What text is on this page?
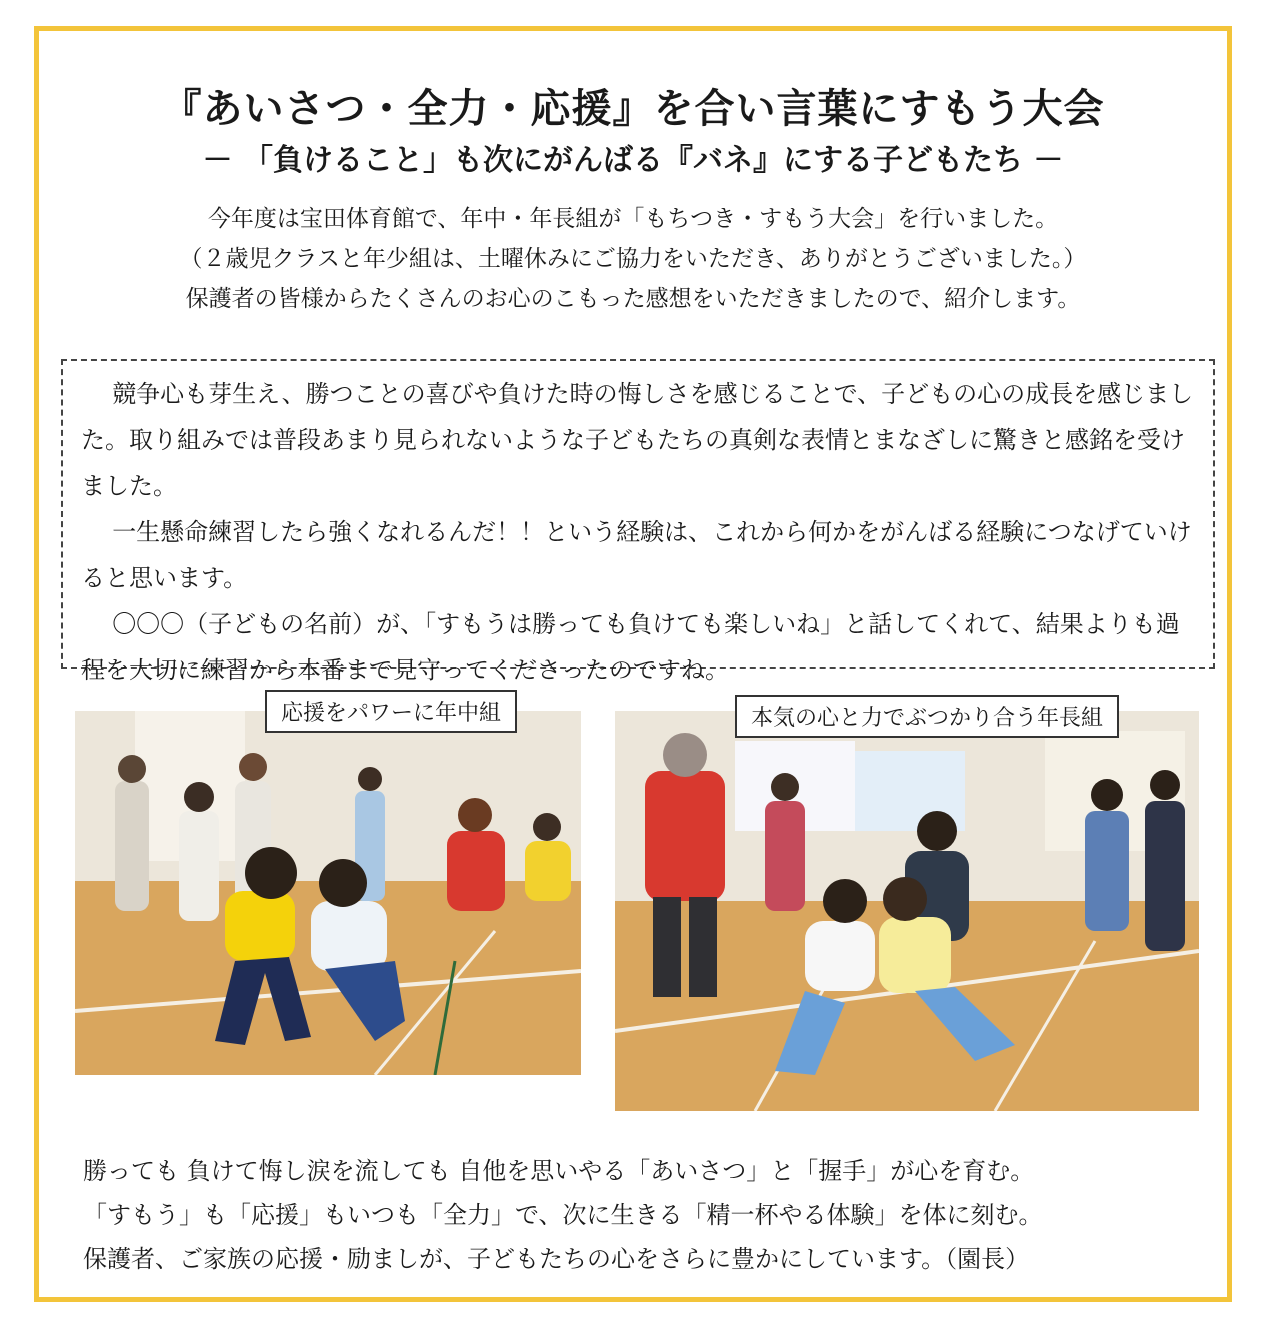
『あいさつ・全力・応援』を合い言葉にすもう大会
－ 「負けること」も次にがんばる『バネ』にする子どもたち －

今年度は宝田体育館で、年中・年長組が「もちつき・すもう大会」を行いました。

（２歳児クラスと年少組は、土曜休みにご協力をいただき、ありがとうございました。）

保護者の皆様からたくさんのお心のこもった感想をいただきましたので、紹介します。

競争心も芽生え、勝つことの喜びや負けた時の悔しさを感じることで、子どもの心の成長を感じました。取り組みでは普段あまり見られないような子どもたちの真剣な表情とまなざしに驚きと感銘を受けました。

一生懸命練習したら強くなれるんだ！！という経験は、これから何かをがんばる経験につなげていけると思います。

〇〇〇（子どもの名前）が、「すもうは勝っても負けても楽しいね」と話してくれて、結果よりも過程を大切に練習から本番まで見守ってくださったのですね。

応援をパワーに年中組	本気の心と力でぶつかり合う年長組

勝っても 負けて悔し涙を流しても 自他を思いやる「あいさつ」と「握手」が心を育む。

「すもう」も「応援」もいつも「全力」で、次に生きる「精一杯やる体験」を体に刻む。

保護者、ご家族の応援・励ましが、子どもたちの心をさらに豊かにしています。（園長）
